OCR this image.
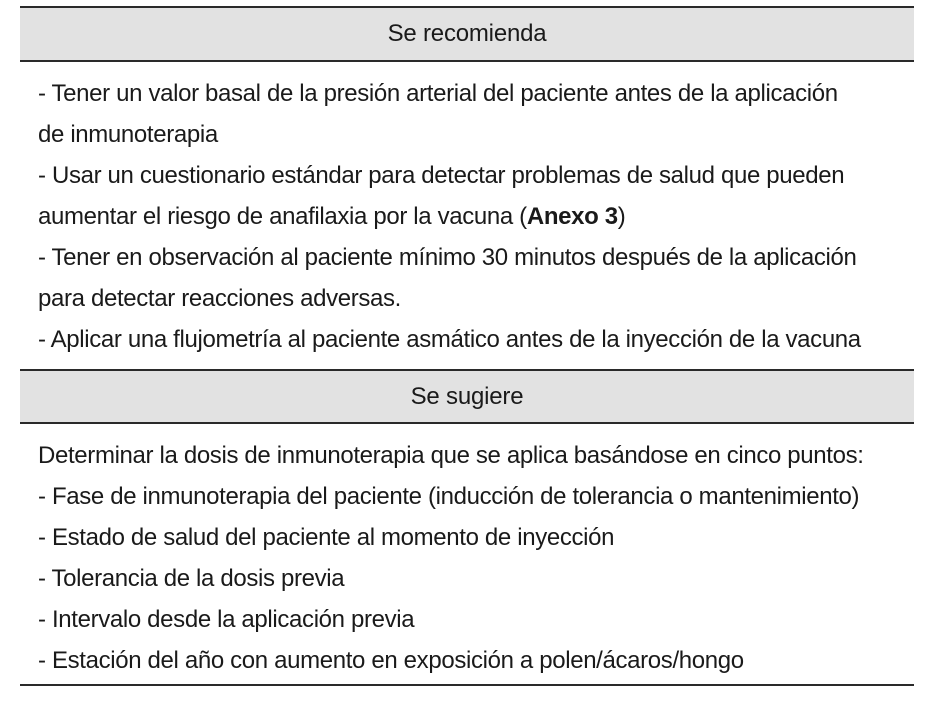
Se recomienda
- Tener un valor basal de la presión arterial del paciente antes de la aplicación
de inmunoterapia
- Usar un cuestionario estándar para detectar problemas de salud que pueden
aumentar el riesgo de anafilaxia por la vacuna (Anexo 3)
- Tener en observación al paciente mínimo 30 minutos después de la aplicación
para detectar reacciones adversas.
- Aplicar una flujometría al paciente asmático antes de la inyección de la vacuna
Se sugiere
Determinar la dosis de inmunoterapia que se aplica basándose en cinco puntos:
- Fase de inmunoterapia del paciente (inducción de tolerancia o mantenimiento)
- Estado de salud del paciente al momento de inyección
- Tolerancia de la dosis previa
- Intervalo desde la aplicación previa
- Estación del año con aumento en exposición a polen/ácaros/hongo
